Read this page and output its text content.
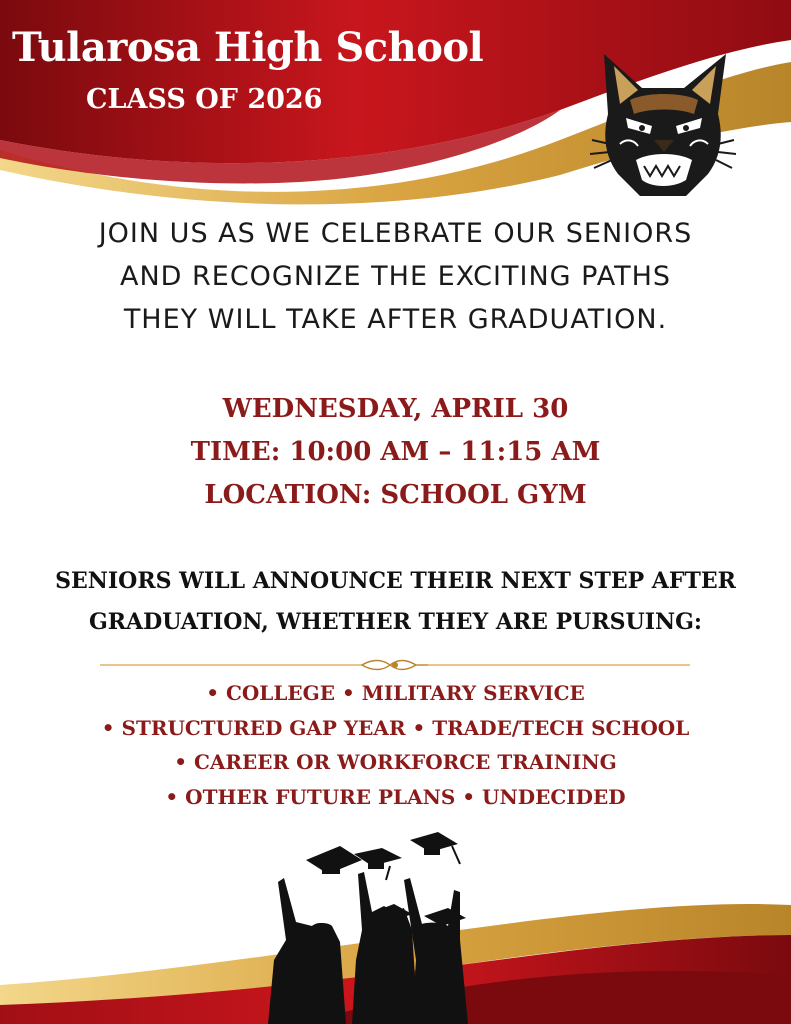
Tularosa High School
CLASS OF 2026
JOIN US AS WE CELEBRATE OUR SENIORS
AND RECOGNIZE THE EXCITING PATHS
THEY WILL TAKE AFTER GRADUATION.
WEDNESDAY, APRIL 30
TIME: 10:00 AM – 11:15 AM
LOCATION: SCHOOL GYM
SENIORS WILL ANNOUNCE THEIR NEXT STEP AFTER
GRADUATION, WHETHER THEY ARE PURSUING:
• COLLEGE • MILITARY SERVICE
• STRUCTURED GAP YEAR • TRADE/TECH SCHOOL
• CAREER OR WORKFORCE TRAINING
• OTHER FUTURE PLANS • UNDECIDED
